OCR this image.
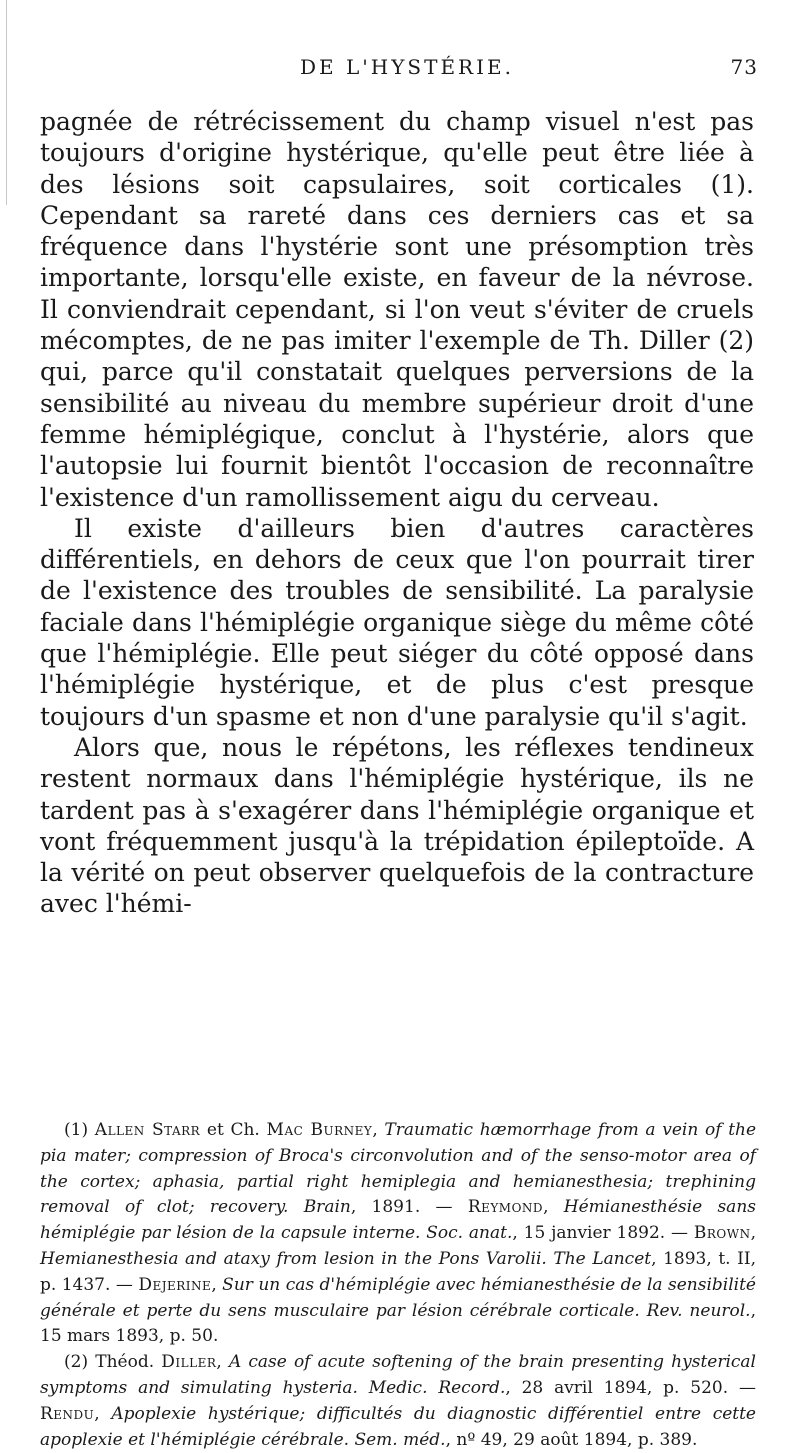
DE L'HYSTÉRIE.	73

pagnée de rétrécissement du champ visuel n'est pas toujours d'origine hystérique, qu'elle peut être liée à des lésions soit capsulaires, soit corticales (1). Cependant sa rareté dans ces derniers cas et sa fréquence dans l'hystérie sont une présomption très importante, lorsqu'elle existe, en faveur de la névrose. Il conviendrait cependant, si l'on veut s'éviter de cruels mécomptes, de ne pas imiter l'exemple de Th. Diller (2) qui, parce qu'il constatait quelques perversions de la sensibilité au niveau du membre supérieur droit d'une femme hémiplégique, conclut à l'hystérie, alors que l'autopsie lui fournit bientôt l'occasion de reconnaître l'existence d'un ramollissement aigu du cerveau.

Il existe d'ailleurs bien d'autres caractères différentiels, en dehors de ceux que l'on pourrait tirer de l'existence des troubles de sensibilité. La paralysie faciale dans l'hémiplégie organique siège du même côté que l'hémiplégie. Elle peut siéger du côté opposé dans l'hémiplégie hystérique, et de plus c'est presque toujours d'un spasme et non d'une paralysie qu'il s'agit.

Alors que, nous le répétons, les réflexes tendineux restent normaux dans l'hémiplégie hystérique, ils ne tardent pas à s'exagérer dans l'hémiplégie organique et vont fréquemment jusqu'à la trépidation épileptoïde. A la vérité on peut observer quelquefois de la contracture avec l'hémi-

(1) Allen Starr et Ch. Mac Burney, Traumatic hæmorrhage from a vein of the pia mater; compression of Broca's circonvolution and of the senso-motor area of the cortex; aphasia, partial right hemiplegia and hemianesthesia; trephining removal of clot; recovery. Brain, 1891. — Reymond, Hémianesthésie sans hémiplégie par lésion de la capsule interne. Soc. anat., 15 janvier 1892. — Brown, Hemianesthesia and ataxy from lesion in the Pons Varolii. The Lancet, 1893, t. II, p. 1437. — Dejerine, Sur un cas d'hémiplégie avec hémianesthésie de la sensibilité générale et perte du sens musculaire par lésion cérébrale corticale. Rev. neurol., 15 mars 1893, p. 50.

(2) Théod. Diller, A case of acute softening of the brain presenting hysterical symptoms and simulating hysteria. Medic. Record., 28 avril 1894, p. 520. — Rendu, Apoplexie hystérique; difficultés du diagnostic différentiel entre cette apoplexie et l'hémiplégie cérébrale. Sem. méd., nº 49, 29 août 1894, p. 389.
